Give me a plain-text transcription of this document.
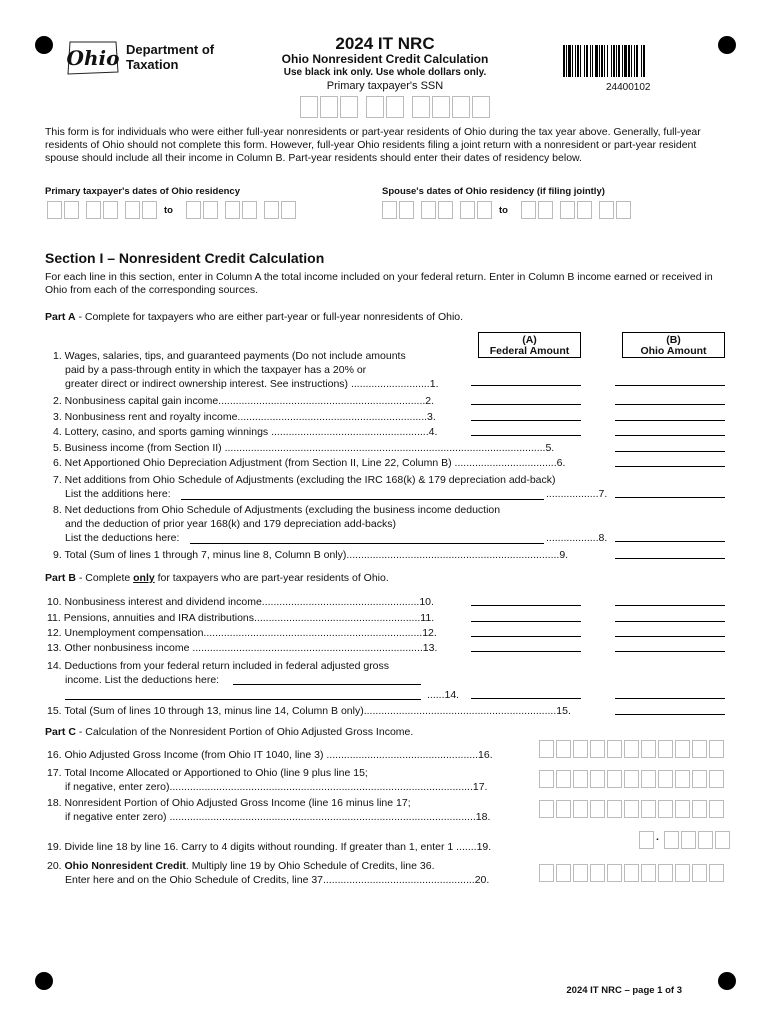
Ohio Department of
Taxation
2024 IT NRC
Ohio Nonresident Credit Calculation
Use black ink only. Use whole dollars only.
Primary taxpayer's SSN	24400102
This form is for individuals who were either full-year nonresidents or part-year residents of Ohio during the tax year above. Generally, full-year residents of Ohio should not complete this form. However, full-year Ohio residents filing a joint return with a nonresident or part-year resident spouse should include all their income in Column B. Part-year residents should enter their dates of residency below.
Primary taxpayer's dates of Ohio residency	Spouse's dates of Ohio residency (if filing jointly)
to	to
Section I – Nonresident Credit Calculation
For each line in this section, enter in Column A the total income included on your federal return. Enter in Column B income earned or received in Ohio from each of the corresponding sources.
Part A - Complete for taxpayers who are either part-year or full-year nonresidents of Ohio.
(A)
Federal Amount
(B)
Ohio Amount
1. Wages, salaries, tips, and guaranteed payments (Do not include amounts
paid by a pass-through entity in which the taxpayer has a 20% or
greater direct or indirect ownership interest. See instructions) ...........................1.
2. Nonbusiness capital gain income.......................................................................2.
3. Nonbusiness rent and royalty income.................................................................3.
4. Lottery, casino, and sports gaming winnings ......................................................4.
5. Business income (from Section II) ..............................................................................................................5.
6. Net Apportioned Ohio Depreciation Adjustment (from Section II, Line 22, Column B) ...................................6.
7. Net additions from Ohio Schedule of Adjustments (excluding the IRC 168(k) & 179 depreciation add-back)
List the additions here:	..................7.
8. Net deductions from Ohio Schedule of Adjustments (excluding the business income deduction
and the deduction of prior year 168(k) and 179 depreciation add-backs)
List the deductions here:	..................8.
9. Total (Sum of lines 1 through 7, minus line 8, Column B only).........................................................................9.
Part B - Complete only for taxpayers who are part-year residents of Ohio.
10. Nonbusiness interest and dividend income......................................................10.
11. Pensions, annuities and IRA distributions.........................................................11.
12. Unemployment compensation...........................................................................12.
13. Other nonbusiness income ...............................................................................13.
14. Deductions from your federal return included in federal adjusted gross
income. List the deductions here:
......14.
15. Total (Sum of lines 10 through 13, minus line 14, Column B only)..................................................................15.
Part C - Calculation of the Nonresident Portion of Ohio Adjusted Gross Income.
16. Ohio Adjusted Gross Income (from Ohio IT 1040, line 3) ....................................................16.
17. Total Income Allocated or Apportioned to Ohio (line 9 plus line 15;
if negative, enter zero)........................................................................................................17.
18. Nonresident Portion of Ohio Adjusted Gross Income (line 16 minus line 17;
if negative enter zero) .........................................................................................................18.
19. Divide line 18 by line 16. Carry to 4 digits without rounding. If greater than 1, enter 1 .......19.
20. Ohio Nonresident Credit. Multiply line 19 by Ohio Schedule of Credits, line 36.
Enter here and on the Ohio Schedule of Credits, line 37....................................................20.
.
2024 IT NRC – page 1 of 3
